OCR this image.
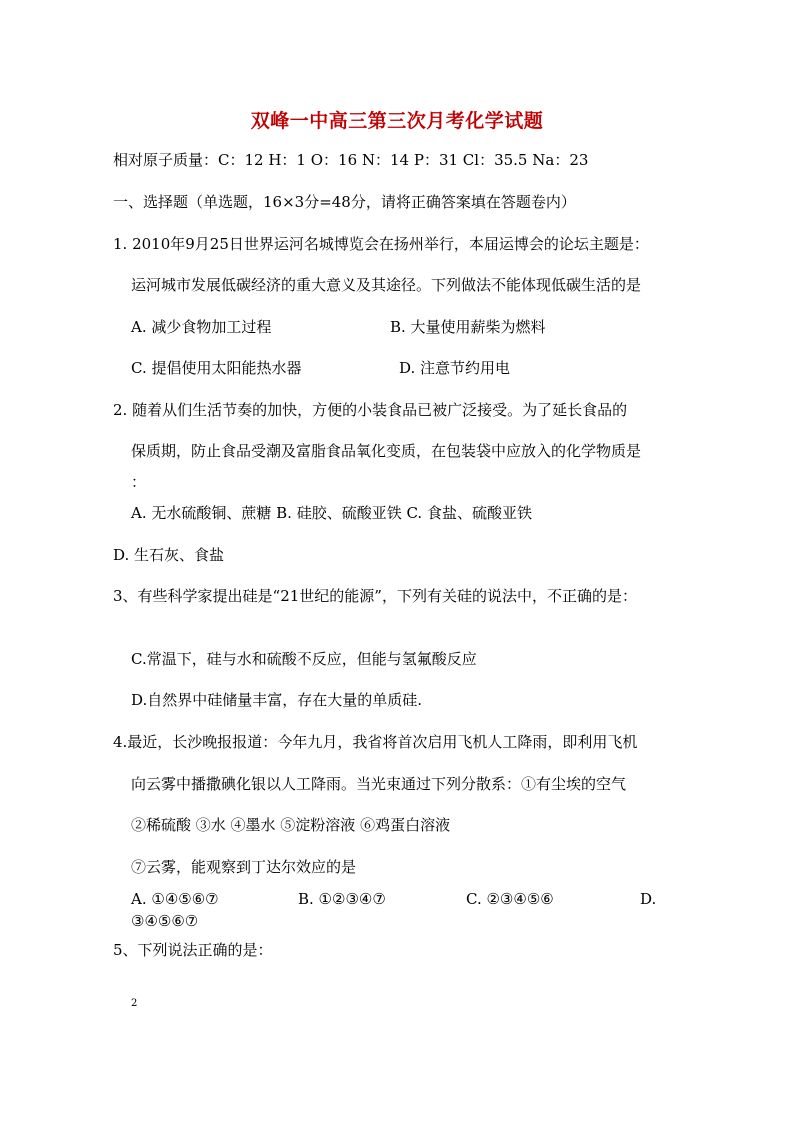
双峰一中高三第三次月考化学试题
相对原子质量：C：12 H：1 O：16 N：14 P：31 Cl：35.5 Na：23
一、选择题（单选题，16×3分=48分，请将正确答案填在答题卷内）
1. 2010年9月25日世界运河名城博览会在扬州举行，本届运博会的论坛主题是：
运河城市发展低碳经济的重大意义及其途径。下列做法不能体现低碳生活的是
A. 减少食物加工过程	B. 大量使用薪柴为燃料
C. 提倡使用太阳能热水器	D. 注意节约用电
2. 随着从们生活节奏的加快，方便的小装食品已被广泛接受。为了延长食品的
保质期，防止食品受潮及富脂食品氧化变质，在包装袋中应放入的化学物质是
：
A. 无水硫酸铜、蔗糖 B. 硅胶、硫酸亚铁 C. 食盐、硫酸亚铁
D. 生石灰、食盐
3、有些科学家提出硅是“21世纪的能源”，下列有关硅的说法中，不正确的是：
C.常温下，硅与水和硫酸不反应，但能与氢氟酸反应
D.自然界中硅储量丰富，存在大量的单质硅.
4.最近，长沙晚报报道：今年九月，我省将首次启用飞机人工降雨，即利用飞机
向云雾中播撒碘化银以人工降雨。当光束通过下列分散系：①有尘埃的空气
②稀硫酸 ③水 ④墨水 ⑤淀粉溶液 ⑥鸡蛋白溶液
⑦云雾，能观察到丁达尔效应的是
A. ①④⑤⑥⑦	B. ①②③④⑦	C. ②③④⑤⑥	D.
③④⑤⑥⑦
5、下列说法正确的是：
2
